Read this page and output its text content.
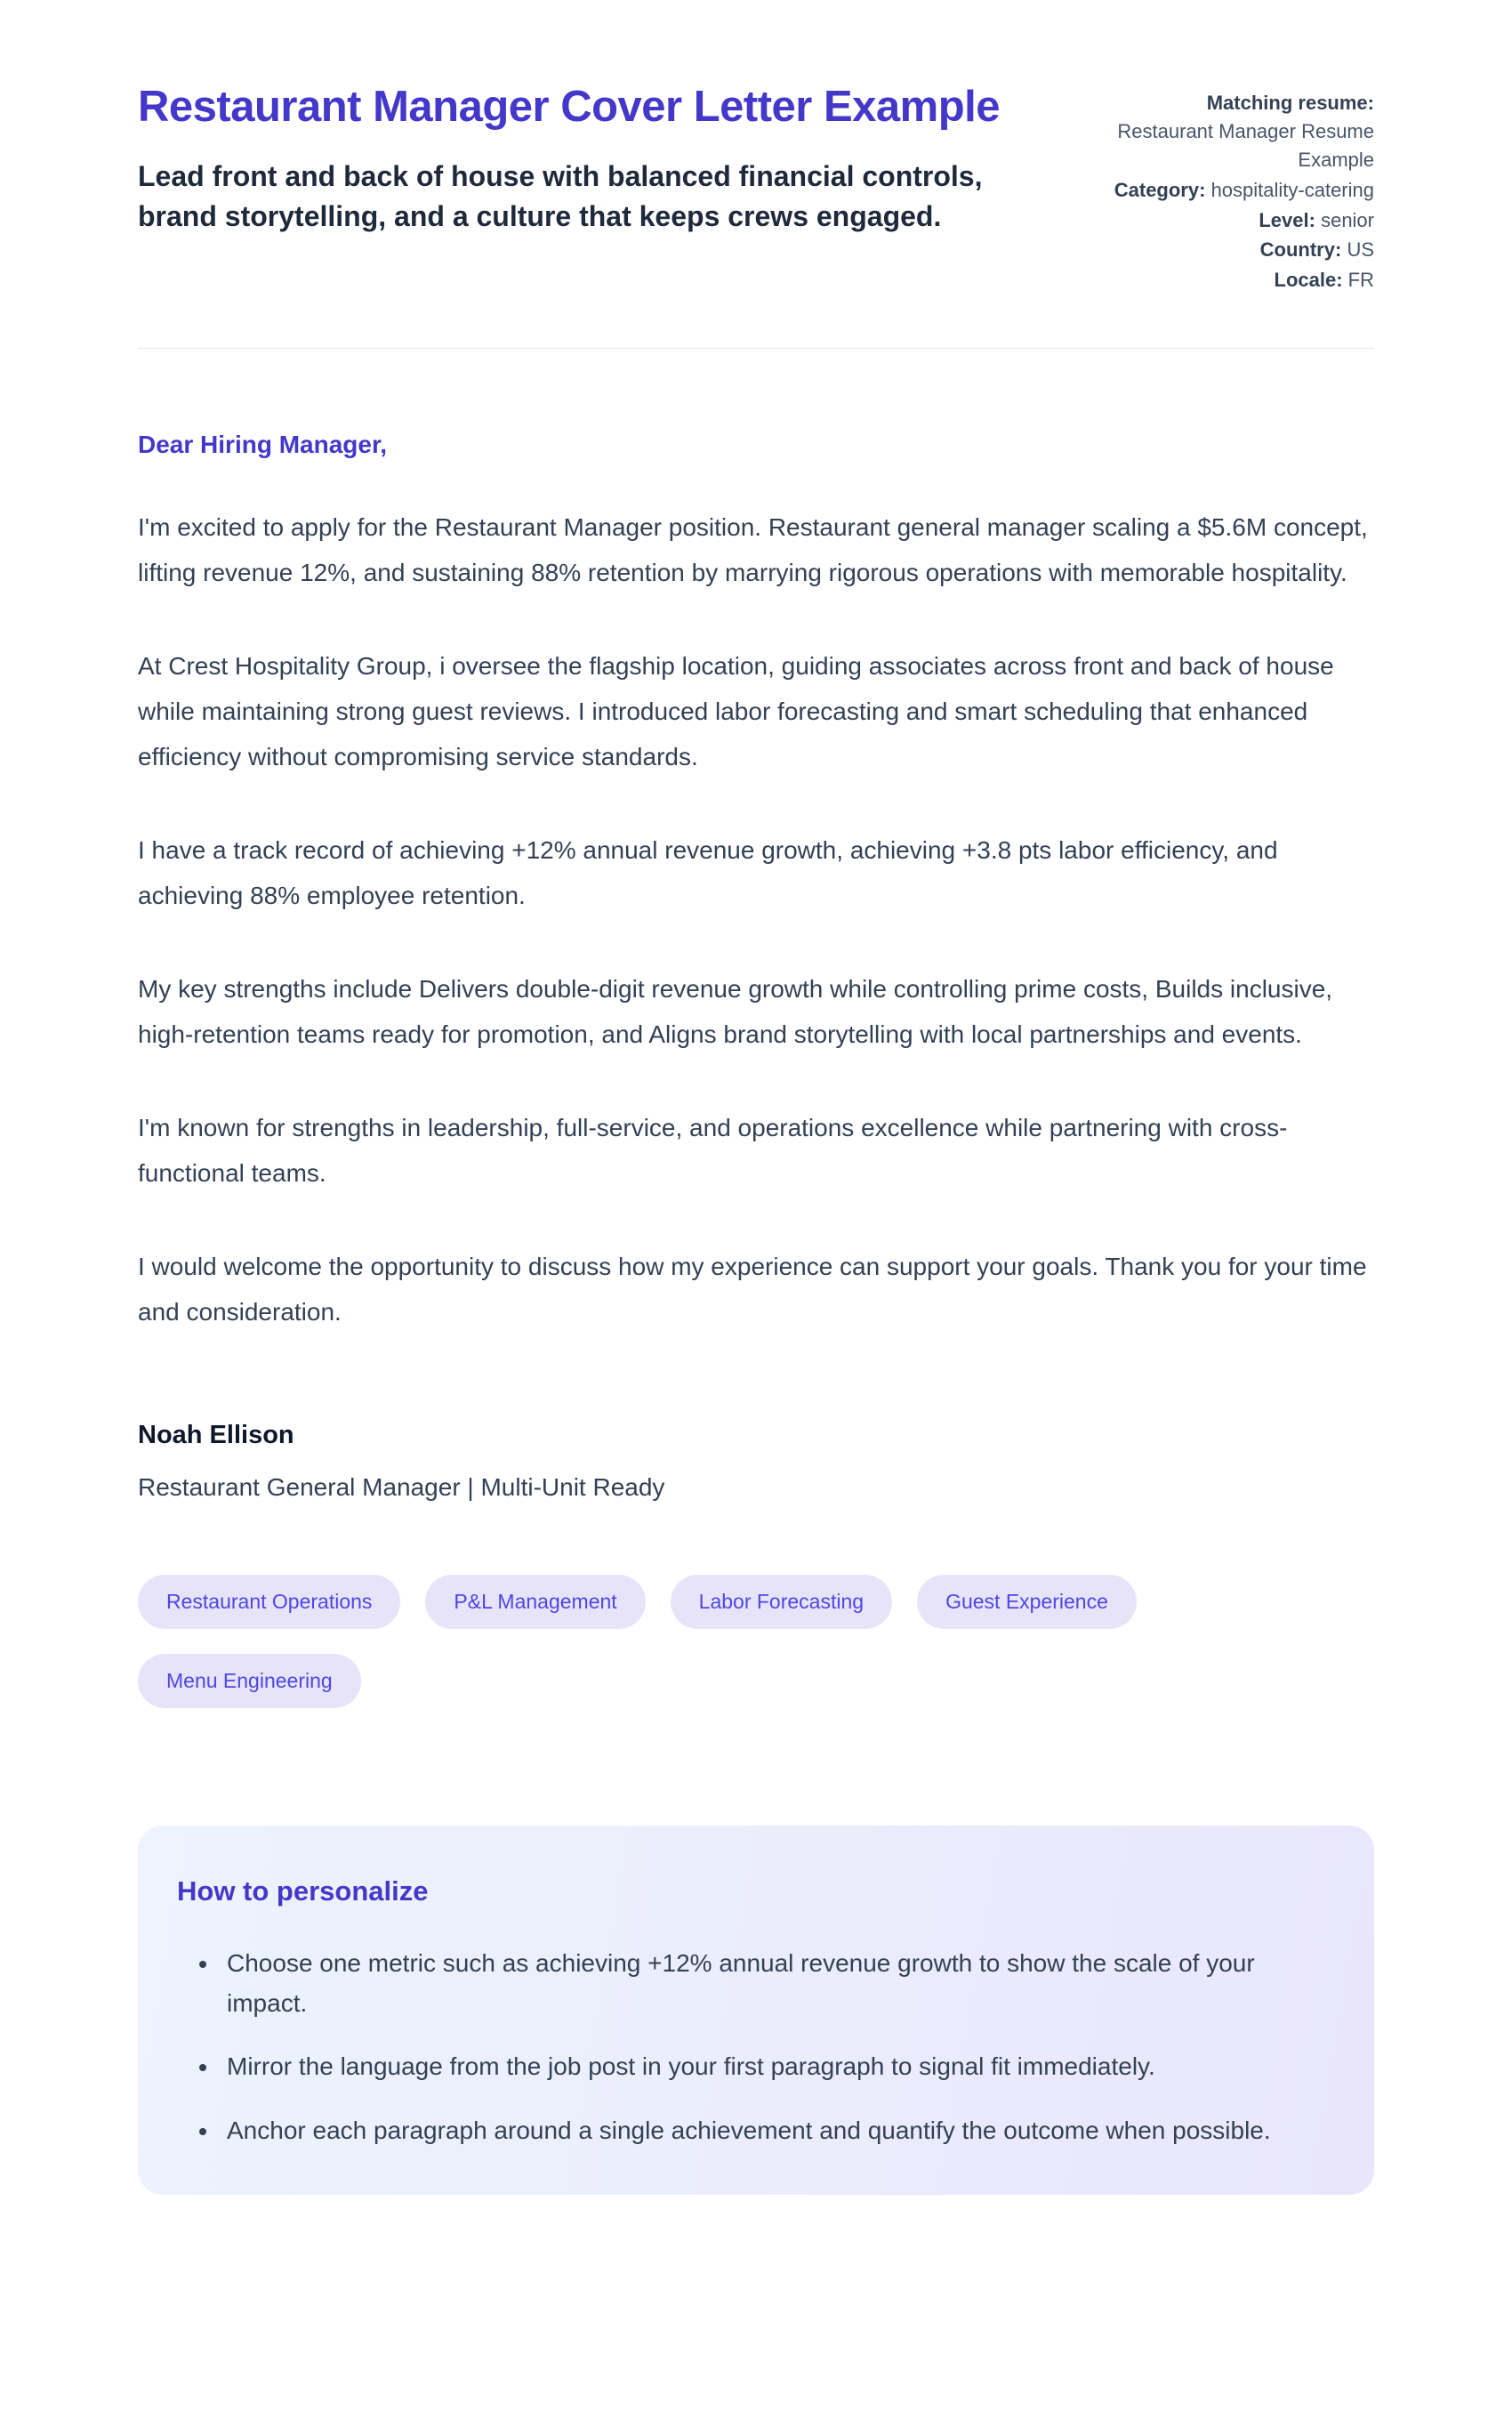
Restaurant Manager Cover Letter Example

Lead front and back of house with balanced financial controls, brand storytelling, and a culture that keeps crews engaged.

Matching resume: Restaurant Manager Resume Example
Category: hospitality-catering
Level: senior
Country: US
Locale: FR

Dear Hiring Manager,

I'm excited to apply for the Restaurant Manager position. Restaurant general manager scaling a $5.6M concept, lifting revenue 12%, and sustaining 88% retention by marrying rigorous operations with memorable hospitality.

At Crest Hospitality Group, i oversee the flagship location, guiding associates across front and back of house while maintaining strong guest reviews. I introduced labor forecasting and smart scheduling that enhanced efficiency without compromising service standards.

I have a track record of achieving +12% annual revenue growth, achieving +3.8 pts labor efficiency, and achieving 88% employee retention.

My key strengths include Delivers double-digit revenue growth while controlling prime costs, Builds inclusive, high-retention teams ready for promotion, and Aligns brand storytelling with local partnerships and events.

I'm known for strengths in leadership, full-service, and operations excellence while partnering with cross-functional teams.

I would welcome the opportunity to discuss how my experience can support your goals. Thank you for your time and consideration.

Noah Ellison

Restaurant General Manager | Multi-Unit Ready

Restaurant Operations	P&L Management	Labor Forecasting	Guest Experience
Menu Engineering
How to personalize
• Choose one metric such as achieving +12% annual revenue growth to show the scale of your impact.
• Mirror the language from the job post in your first paragraph to signal fit immediately.
• Anchor each paragraph around a single achievement and quantify the outcome when possible.
